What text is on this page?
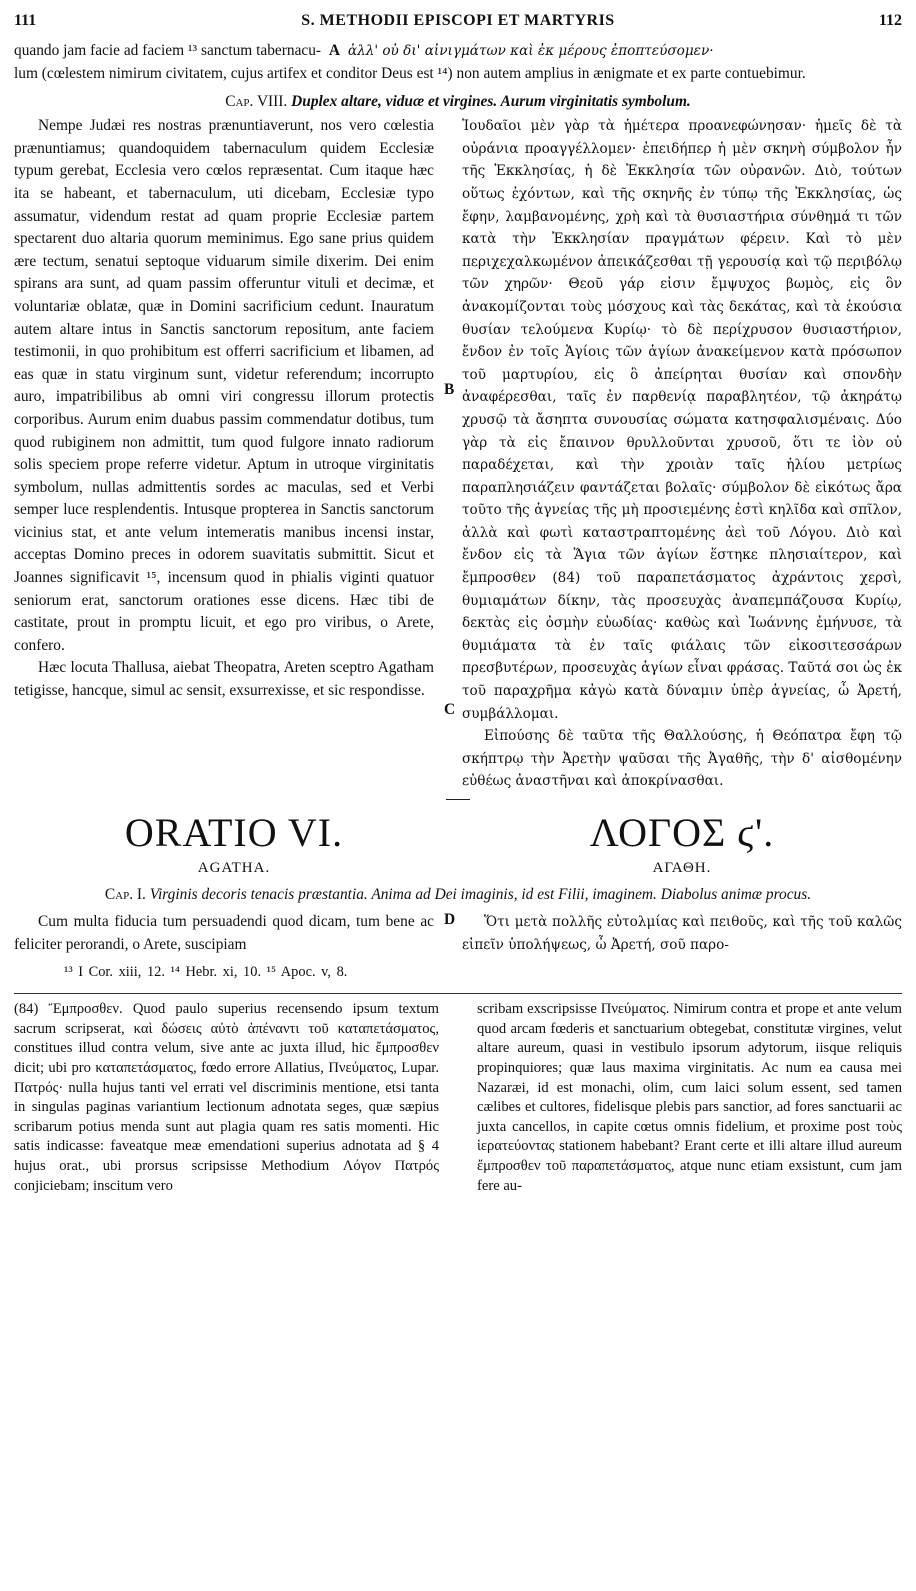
111	S. METHODII EPISCOPI ET MARTYRIS	112

quando jam facie ad faciem ¹³ sanctum tabernacu- A ἀλλ' οὐ δι' αἰνιγμάτων καὶ ἐκ μέρους ἐποπτεύσομεν·

lum (cœlestem nimirum civitatem, cujus artifex et conditor Deus est ¹⁴) non autem amplius in ænigmate et ex parte contuebimur.

Cap. VIII. Duplex altare, viduæ et virgines. Aurum virginitatis symbolum.

Nempe Judæi res nostras prænuntiaverunt, nos vero cœlestia prænuntiamus; quandoquidem tabernaculum quidem Ecclesiæ typum gerebat, Ecclesia vero cœlos repræsentat. Cum itaque hæc ita se habeant, et tabernaculum, uti dicebam, Ecclesiæ typo assumatur, videndum restat ad quam proprie Ecclesiæ partem spectarent duo altaria quorum meminimus. Ego sane prius quidem ære tectum, senatui septoque viduarum simile dixerim. Dei enim spirans ara sunt, ad quam passim offeruntur vituli et decimæ, et voluntariæ oblatæ, quæ in Domini sacrificium cedunt. Inauratum autem altare intus in Sanctis sanctorum repositum, ante faciem testimonii, in quo prohibitum est offerri sacrificium et libamen, ad eas quæ in statu virginum sunt, videtur referendum; incorrupto auro, impatribilibus ab omni viri congressu illorum protectis corporibus. Aurum enim duabus passim commendatur dotibus, tum quod rubiginem non admittit, tum quod fulgore innato radiorum solis speciem prope referre videtur. Aptum in utroque virginitatis symbolum, nullas admittentis sordes ac maculas, sed et Verbi semper luce resplendentis. Intusque propterea in Sanctis sanctorum vicinius stat, et ante velum intemeratis manibus incensi instar, acceptas Domino preces in odorem suavitatis submittit. Sicut et Joannes significavit ¹⁵, incensum quod in phialis viginti quatuor seniorum erat, sanctorum orationes esse dicens. Hæc tibi de castitate, prout in promptu licuit, et ego pro viribus, o Arete, confero.

Hæc locuta Thallusa, aiebat Theopatra, Areten sceptro Agatham tetigisse, hancque, simul ac sensit, exsurrexisse, et sic respondisse.

B
C

Ἰουδαῖοι μὲν γὰρ τὰ ἡμέτερα προανεφώνησαν· ἡμεῖς δὲ τὰ οὐράνια προαγγέλλομεν· ἐπειδήπερ ἡ μὲν σκηνὴ σύμβολον ἦν τῆς Ἐκκλησίας, ἡ δὲ Ἐκκλησία τῶν οὐρανῶν. Διὸ, τούτων οὕτως ἐχόντων, καὶ τῆς σκηνῆς ἐν τύπῳ τῆς Ἐκκλησίας, ὡς ἔφην, λαμβανομένης, χρὴ καὶ τὰ θυσιαστήρια σύνθημά τι τῶν κατὰ τὴν Ἐκκλησίαν πραγμάτων φέρειν. Καὶ τὸ μὲν περιχεχαλκωμένον ἀπεικάζεσθαι τῇ γερουσίᾳ καὶ τῷ περιβόλῳ τῶν χηρῶν· Θεοῦ γάρ εἰσιν ἔμψυχος βωμὸς, εἰς ὃν ἀνακομίζονται τοὺς μόσχους καὶ τὰς δεκάτας, καὶ τὰ ἑκούσια θυσίαν τελούμενα Κυρίῳ· τὸ δὲ περίχρυσον θυσιαστήριον, ἔνδον ἐν τοῖς Ἁγίοις τῶν ἁγίων ἀνακείμενον κατὰ πρόσωπον τοῦ μαρτυρίου, εἰς ὃ ἀπείρηται θυσίαν καὶ σπονδὴν ἀναφέρεσθαι, ταῖς ἐν παρθενίᾳ παραβλητέον, τῷ ἀκηράτῳ χρυσῷ τὰ ἄσηπτα συνουσίας σώματα κατησφαλισμέναις. Δύο γὰρ τὰ εἰς ἔπαινον θρυλλοῦνται χρυσοῦ, ὅτι τε ἰὸν οὐ παραδέχεται, καὶ τὴν χροιὰν ταῖς ἡλίου μετρίως παραπλησιάζειν φαντάζεται βολαῖς· σύμβολον δὲ εἰκότως ἄρα τοῦτο τῆς ἁγνείας τῆς μὴ προσιεμένης ἐστὶ κηλῖδα καὶ σπῖλον, ἀλλὰ καὶ φωτὶ καταστραπτομένης ἀεὶ τοῦ Λόγου. Διὸ καὶ ἔνδον εἰς τὰ Ἅγια τῶν ἁγίων ἕστηκε πλησιαίτερον, καὶ ἔμπροσθεν (84) τοῦ παραπετάσματος ἀχράντοις χερσὶ, θυμιαμάτων δίκην, τὰς προσευχὰς ἀναπεμπάζουσα Κυρίῳ, δεκτὰς εἰς ὀσμὴν εὐωδίας· καθὼς καὶ Ἰωάννης ἐμήνυσε, τὰ θυμιάματα τὰ ἐν ταῖς φιάλαις τῶν εἰκοσιτεσσάρων πρεσβυτέρων, προσευχὰς ἁγίων εἶναι φράσας. Ταῦτά σοι ὡς ἐκ τοῦ παραχρῆμα κἀγὼ κατὰ δύναμιν ὑπὲρ ἁγνείας, ὦ Ἀρετή, συμβάλλομαι.

Εἰπούσης δὲ ταῦτα τῆς Θαλλούσης, ἡ Θεόπατρα ἔφη τῷ σκήπτρῳ τὴν Ἀρετὴν ψαῦσαι τῆς Ἀγαθῆς, τὴν δ' αἰσθομένην εὐθέως ἀναστῆναι καὶ ἀποκρίνασθαι.

ORATIO VI.
AGATHA.
ΛΟΓΟΣ ϛ'.
ΑΓΑΘΗ.
Cap. I. Virginis decoris tenacis præstantia. Anima ad Dei imaginis, id est Filii, imaginem. Diabolus animæ procus.

Cum multa fiducia tum persuadendi quod dicam, tum bene ac feliciter perorandi, o Arete, suscipiam

D	Ὅτι μετὰ πολλῆς εὐτολμίας καὶ πειθοῦς, καὶ τῆς τοῦ καλῶς εἰπεῖν ὑπολήψεως, ὦ Ἀρετή, σοῦ παρο-

¹³ I Cor. xiii, 12. ¹⁴ Hebr. xi, 10. ¹⁵ Apoc. v, 8.

(84) Ἔμπροσθεν. Quod paulo superius recensendo ipsum textum sacrum scripserat, καὶ δώσεις αὐτὸ ἀπέναντι τοῦ καταπετάσματος, constitues illud contra velum, sive ante ac juxta illud, hic ἔμπροσθεν dicit; ubi pro καταπετάσματος, fœdo errore Allatius, Πνεύματος, Lupar. Πατρός· nulla hujus tanti vel errati vel discriminis mentione, etsi tanta in singulas paginas variantium lectionum adnotata seges, quæ sæpius scribarum potius menda sunt aut plagia quam res satis momenti. Hic satis indicasse: faveatque meæ emendationi superius adnotata ad § 4 hujus orat., ubi prorsus scripsisse Methodium Λόγον Πατρός conjiciebam; inscitum vero

scribam exscripsisse Πνεύματος. Nimirum contra et prope et ante velum quod arcam fœderis et sanctuarium obtegebat, constitutæ virgines, velut altare aureum, quasi in vestibulo ipsorum adytorum, iisque reliquis propinquiores; quæ laus maxima virginitatis. Ac num ea causa mei Nazaræi, id est monachi, olim, cum laici solum essent, sed tamen cælibes et cultores, fidelisque plebis pars sanctior, ad fores sanctuarii ac juxta cancellos, in capite cœtus omnis fidelium, et proxime post τοὺς ἱερατεύοντας stationem habebant? Erant certe et illi altare illud aureum ἔμπροσθεν τοῦ παραπετάσματος, atque nunc etiam exsistunt, cum jam fere au-
